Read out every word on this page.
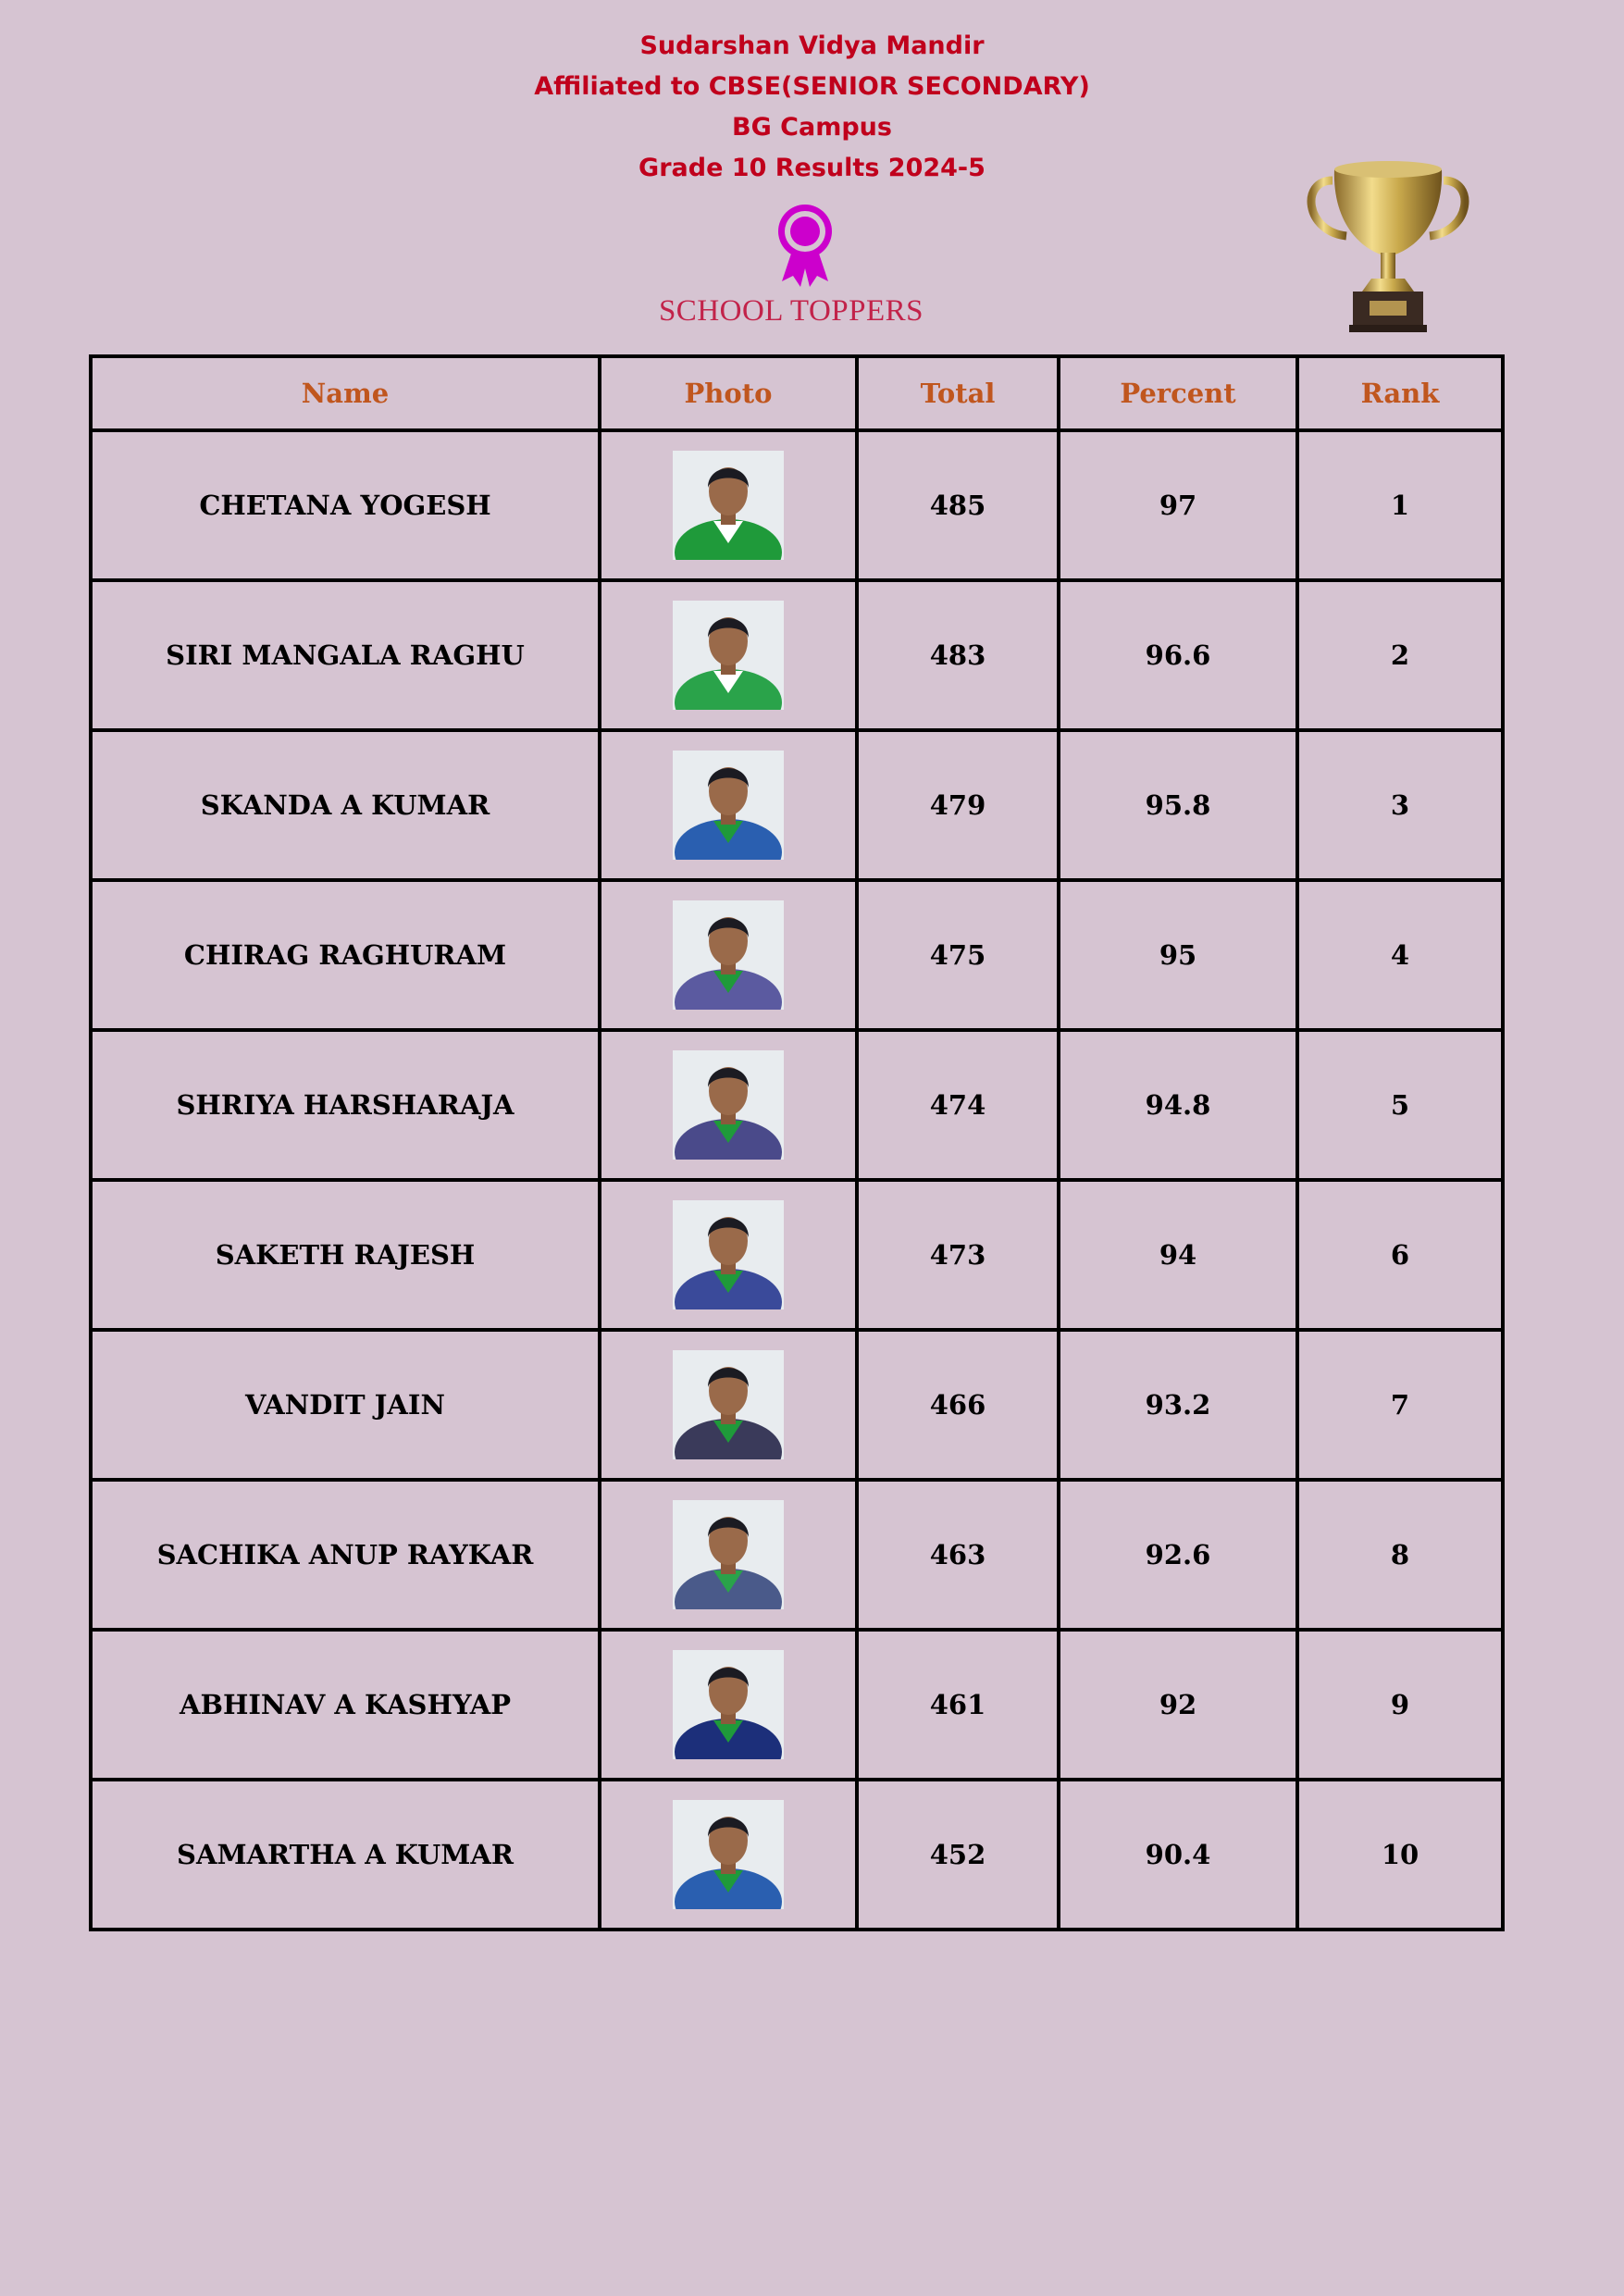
Sudarshan Vidya Mandir
Affiliated to CBSE(SENIOR SECONDARY)
BG Campus
Grade 10 Results 2024-5
SCHOOL TOPPERS
Name	Photo	Total	Percent	Rank
CHETANA YOGESH		485	97	1
SIRI MANGALA RAGHU		483	96.6	2
SKANDA A KUMAR		479	95.8	3
CHIRAG RAGHURAM		475	95	4
SHRIYA HARSHARAJA		474	94.8	5
SAKETH RAJESH		473	94	6
VANDIT JAIN		466	93.2	7
SACHIKA ANUP RAYKAR		463	92.6	8
ABHINAV A KASHYAP		461	92	9
SAMARTHA A KUMAR		452	90.4	10
